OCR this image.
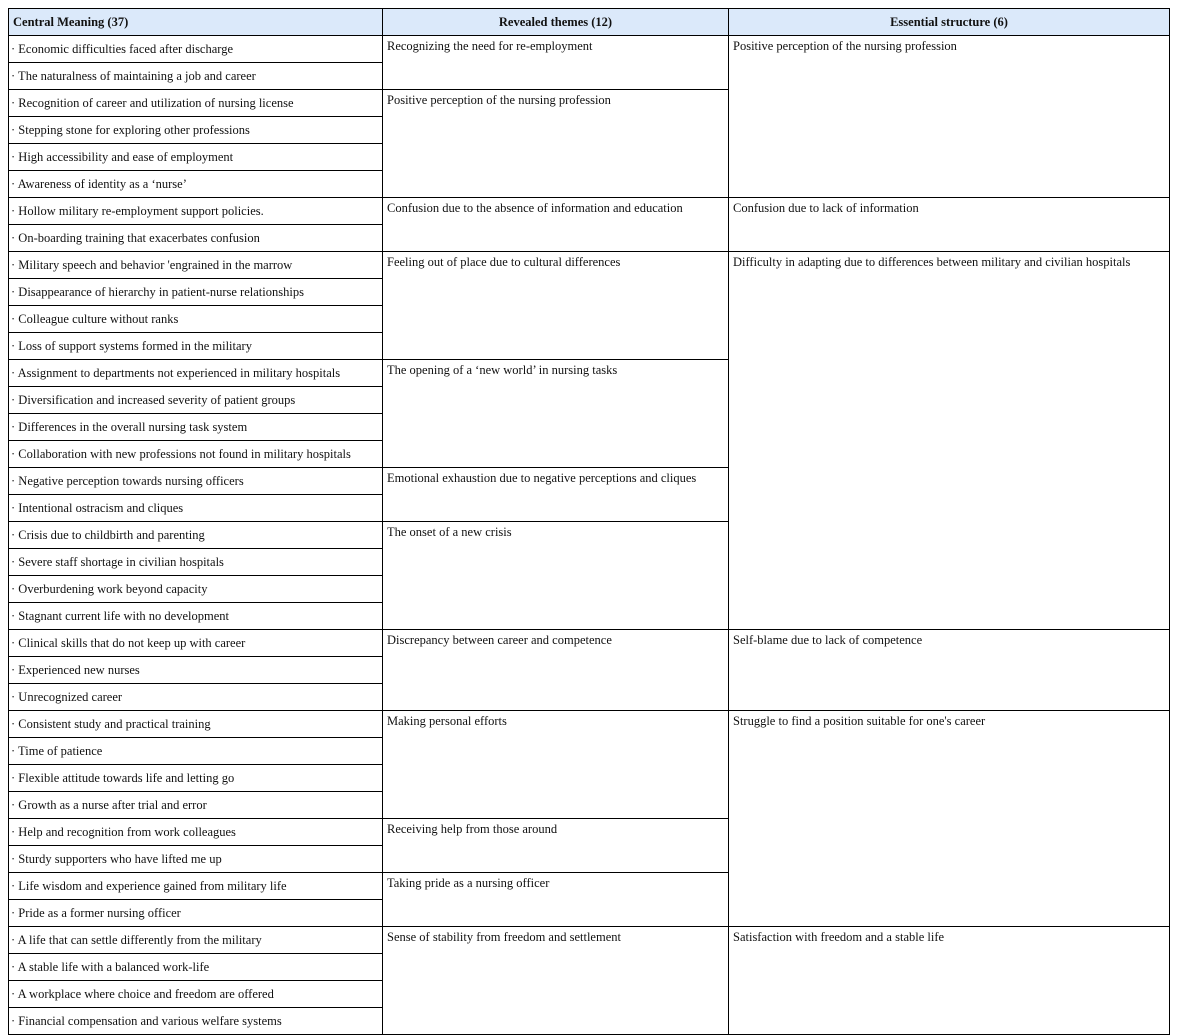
Central Meaning (37)	Revealed themes (12)	Essential structure (6)
· Economic difficulties faced after discharge	Recognizing the need for re-employment	Positive perception of the nursing profession
· The naturalness of maintaining a job and career		
· Recognition of career and utilization of nursing license	Positive perception of the nursing profession	
· Stepping stone for exploring other professions		
· High accessibility and ease of employment		
· Awareness of identity as a ‘nurse’		
· Hollow military re-employment support policies.	Confusion due to the absence of information and education	Confusion due to lack of information
· On-boarding training that exacerbates confusion		
· Military speech and behavior 'engrained in the marrow	Feeling out of place due to cultural differences	Difficulty in adapting due to differences between military and civilian hospitals
· Disappearance of hierarchy in patient-nurse relationships		
· Colleague culture without ranks		
· Loss of support systems formed in the military		
· Assignment to departments not experienced in military hospitals	The opening of a ‘new world’ in nursing tasks	
· Diversification and increased severity of patient groups		
· Differences in the overall nursing task system		
· Collaboration with new professions not found in military hospitals		
· Negative perception towards nursing officers	Emotional exhaustion due to negative perceptions and cliques	
· Intentional ostracism and cliques		
· Crisis due to childbirth and parenting	The onset of a new crisis	
· Severe staff shortage in civilian hospitals		
· Overburdening work beyond capacity		
· Stagnant current life with no development		
· Clinical skills that do not keep up with career	Discrepancy between career and competence	Self-blame due to lack of competence
· Experienced new nurses		
· Unrecognized career		
· Consistent study and practical training	Making personal efforts	Struggle to find a position suitable for one's career
· Time of patience		
· Flexible attitude towards life and letting go		
· Growth as a nurse after trial and error		
· Help and recognition from work colleagues	Receiving help from those around	
· Sturdy supporters who have lifted me up		
· Life wisdom and experience gained from military life	Taking pride as a nursing officer	
· Pride as a former nursing officer		
· A life that can settle differently from the military	Sense of stability from freedom and settlement	Satisfaction with freedom and a stable life
· A stable life with a balanced work-life		
· A workplace where choice and freedom are offered		
· Financial compensation and various welfare systems		
